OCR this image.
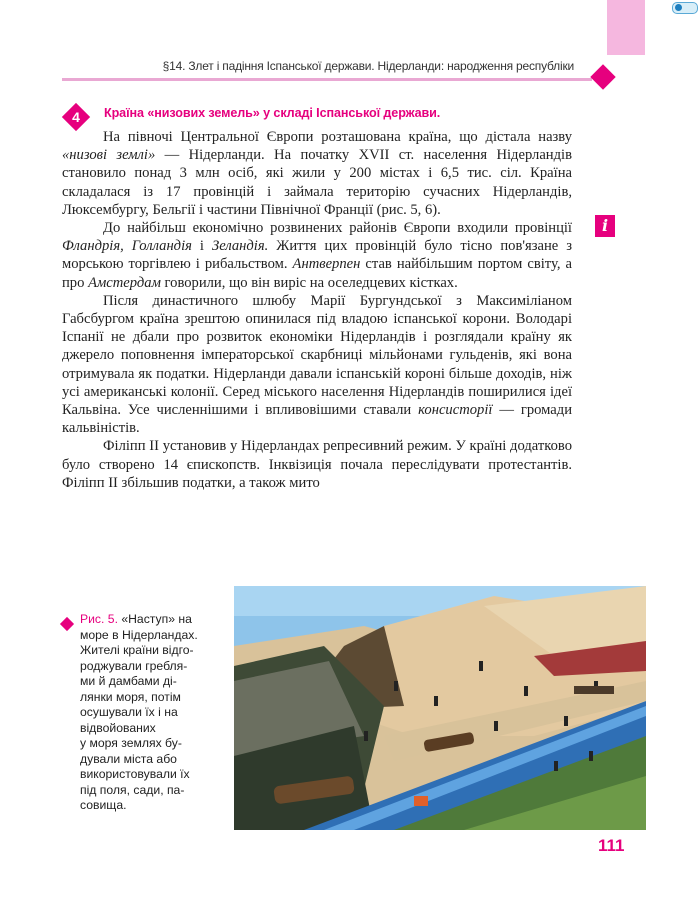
§14. Злет і падіння Іспанської держави. Нідерланди: народження республіки
i
4	Країна «низових земель» у складі Іспанської держави.

На півночі Центральної Європи розташована країна, що дістала назву «низові землі» — Нідерланди. На початку XVII ст. населення Нідерландів становило понад 3 млн осіб, які жили у 200 містах і 6,5 тис. сіл. Країна складалася із 17 провінцій і займала територію сучасних Нідерландів, Люксембургу, Бельгії і частини Північної Франції (рис. 5, 6).

До найбільш економічно розвинених районів Європи входили провінції Фландрія, Голландія і Зеландія. Життя цих провінцій було тісно пов'язане з морською торгівлею і рибальством. Антверпен став найбільшим портом світу, а про Амстердам говорили, що він виріс на оселедцевих кістках.

Після династичного шлюбу Марії Бургундської з Максиміліаном Габсбургом країна зрештою опинилася під владою іспанської корони. Володарі Іспанії не дбали про розвиток економіки Нідерландів і розглядали країну як джерело поповнення імператорської скарбниці мільйонами гульденів, які вона отримувала як податки. Нідерланди давали іспанській короні більше доходів, ніж усі американські колонії. Серед міського населення Нідерландів поширилися ідеї Кальвіна. Усе численнішими і впливовішими ставали консисторії — громади кальвіністів.

Філіпп II установив у Нідерландах репресивний режим. У країні додатково було створено 14 єпископств. Інквізиція почала переслідувати протестантів. Філіпп II збільшив податки, а також мито

Рис. 5. «Наступ» на
море в Нідерландах.
Жителі країни відго-
роджували гребля-
ми й дамбами ді-
лянки моря, потім
осушували їх і на
відвойованих
у моря землях бу-
дували міста або
використовували їх
під поля, сади, па-
совища.
111
